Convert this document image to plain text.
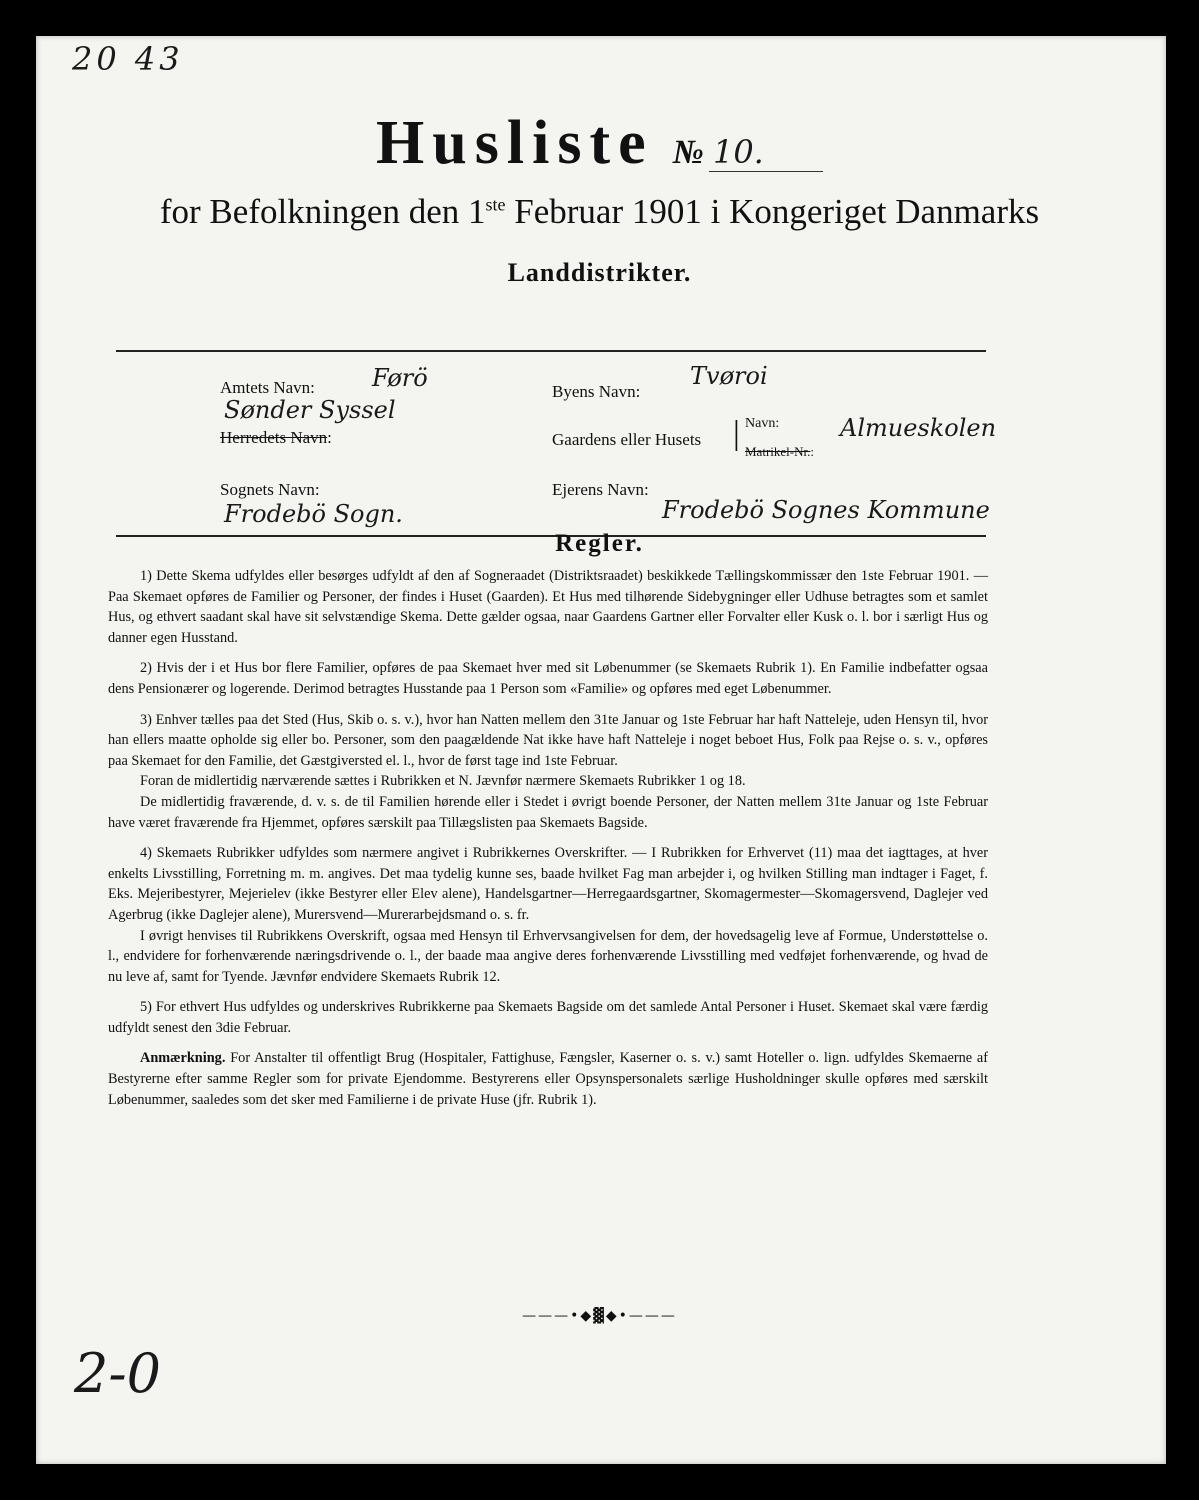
20 43
Husliste № 10.
for Befolkningen den 1ste Februar 1901 i Kongeriget Danmarks
Landdistrikter.
Amtets Navn: Førö
Sønder Syssel
Herredets Navn:
Sognets Navn:
Frodebö Sogn.
Byens Navn:
Tvøroi
Gaardens eller Husets | Navn:
Matrikel-Nr.:
Almueskolen
Ejerens Navn:
Frodebö Sognes Kommune
Regler.

1) Dette Skema udfyldes eller besørges udfyldt af den af Sogneraadet (Distriktsraadet) beskikkede Tællingskommissær den 1ste Februar 1901. — Paa Skemaet opføres de Familier og Personer, der findes i Huset (Gaarden). Et Hus med tilhørende Sidebygninger eller Udhuse betragtes som et samlet Hus, og ethvert saadant skal have sit selvstændige Skema. Dette gælder ogsaa, naar Gaardens Gartner eller Forvalter eller Kusk o. l. bor i særligt Hus og danner egen Husstand.

2) Hvis der i et Hus bor flere Familier, opføres de paa Skemaet hver med sit Løbenummer (se Skemaets Rubrik 1). En Familie indbefatter ogsaa dens Pensionærer og logerende. Derimod betragtes Husstande paa 1 Person som «Familie» og opføres med eget Løbenummer.

3) Enhver tælles paa det Sted (Hus, Skib o. s. v.), hvor han Natten mellem den 31te Januar og 1ste Februar har haft Natteleje, uden Hensyn til, hvor han ellers maatte opholde sig eller bo. Personer, som den paagældende Nat ikke have haft Natteleje i noget beboet Hus, Folk paa Rejse o. s. v., opføres paa Skemaet for den Familie, det Gæstgiversted el. l., hvor de først tage ind 1ste Februar.

Foran de midlertidig nærværende sættes i Rubrikken et N. Jævnfør nærmere Skemaets Rubrikker 1 og 18.

De midlertidig fraværende, d. v. s. de til Familien hørende eller i Stedet i øvrigt boende Personer, der Natten mellem 31te Januar og 1ste Februar have været fraværende fra Hjemmet, opføres særskilt paa Tillægslisten paa Skemaets Bagside.

4) Skemaets Rubrikker udfyldes som nærmere angivet i Rubrikkernes Overskrifter. — I Rubrikken for Erhvervet (11) maa det iagttages, at hver enkelts Livsstilling, Forretning m. m. angives. Det maa tydelig kunne ses, baade hvilket Fag man arbejder i, og hvilken Stilling man indtager i Faget, f. Eks. Mejeribestyrer, Mejerielev (ikke Bestyrer eller Elev alene), Handelsgartner—Herregaardsgartner, Skomagermester—Skomagersvend, Daglejer ved Agerbrug (ikke Daglejer alene), Murersvend—Murerarbejdsmand o. s. fr.

I øvrigt henvises til Rubrikkens Overskrift, ogsaa med Hensyn til Erhvervsangivelsen for dem, der hovedsagelig leve af Formue, Understøttelse o. l., endvidere for forhenværende næringsdrivende o. l., der baade maa angive deres forhenværende Livsstilling med vedføjet forhenværende, og hvad de nu leve af, samt for Tyende. Jævnfør endvidere Skemaets Rubrik 12.

5) For ethvert Hus udfyldes og underskrives Rubrikkerne paa Skemaets Bagside om det samlede Antal Personer i Huset. Skemaet skal være færdig udfyldt senest den 3die Februar.

Anmærkning. For Anstalter til offentligt Brug (Hospitaler, Fattighuse, Fængsler, Kaserner o. s. v.) samt Hoteller o. lign. udfyldes Skemaerne af Bestyrerne efter samme Regler som for private Ejendomme. Bestyrerens eller Opsynspersonalets særlige Husholdninger skulle opføres med særskilt Løbenummer, saaledes som det sker med Familierne i de private Huse (jfr. Rubrik 1).

———•◆▓◆•———
2-0
